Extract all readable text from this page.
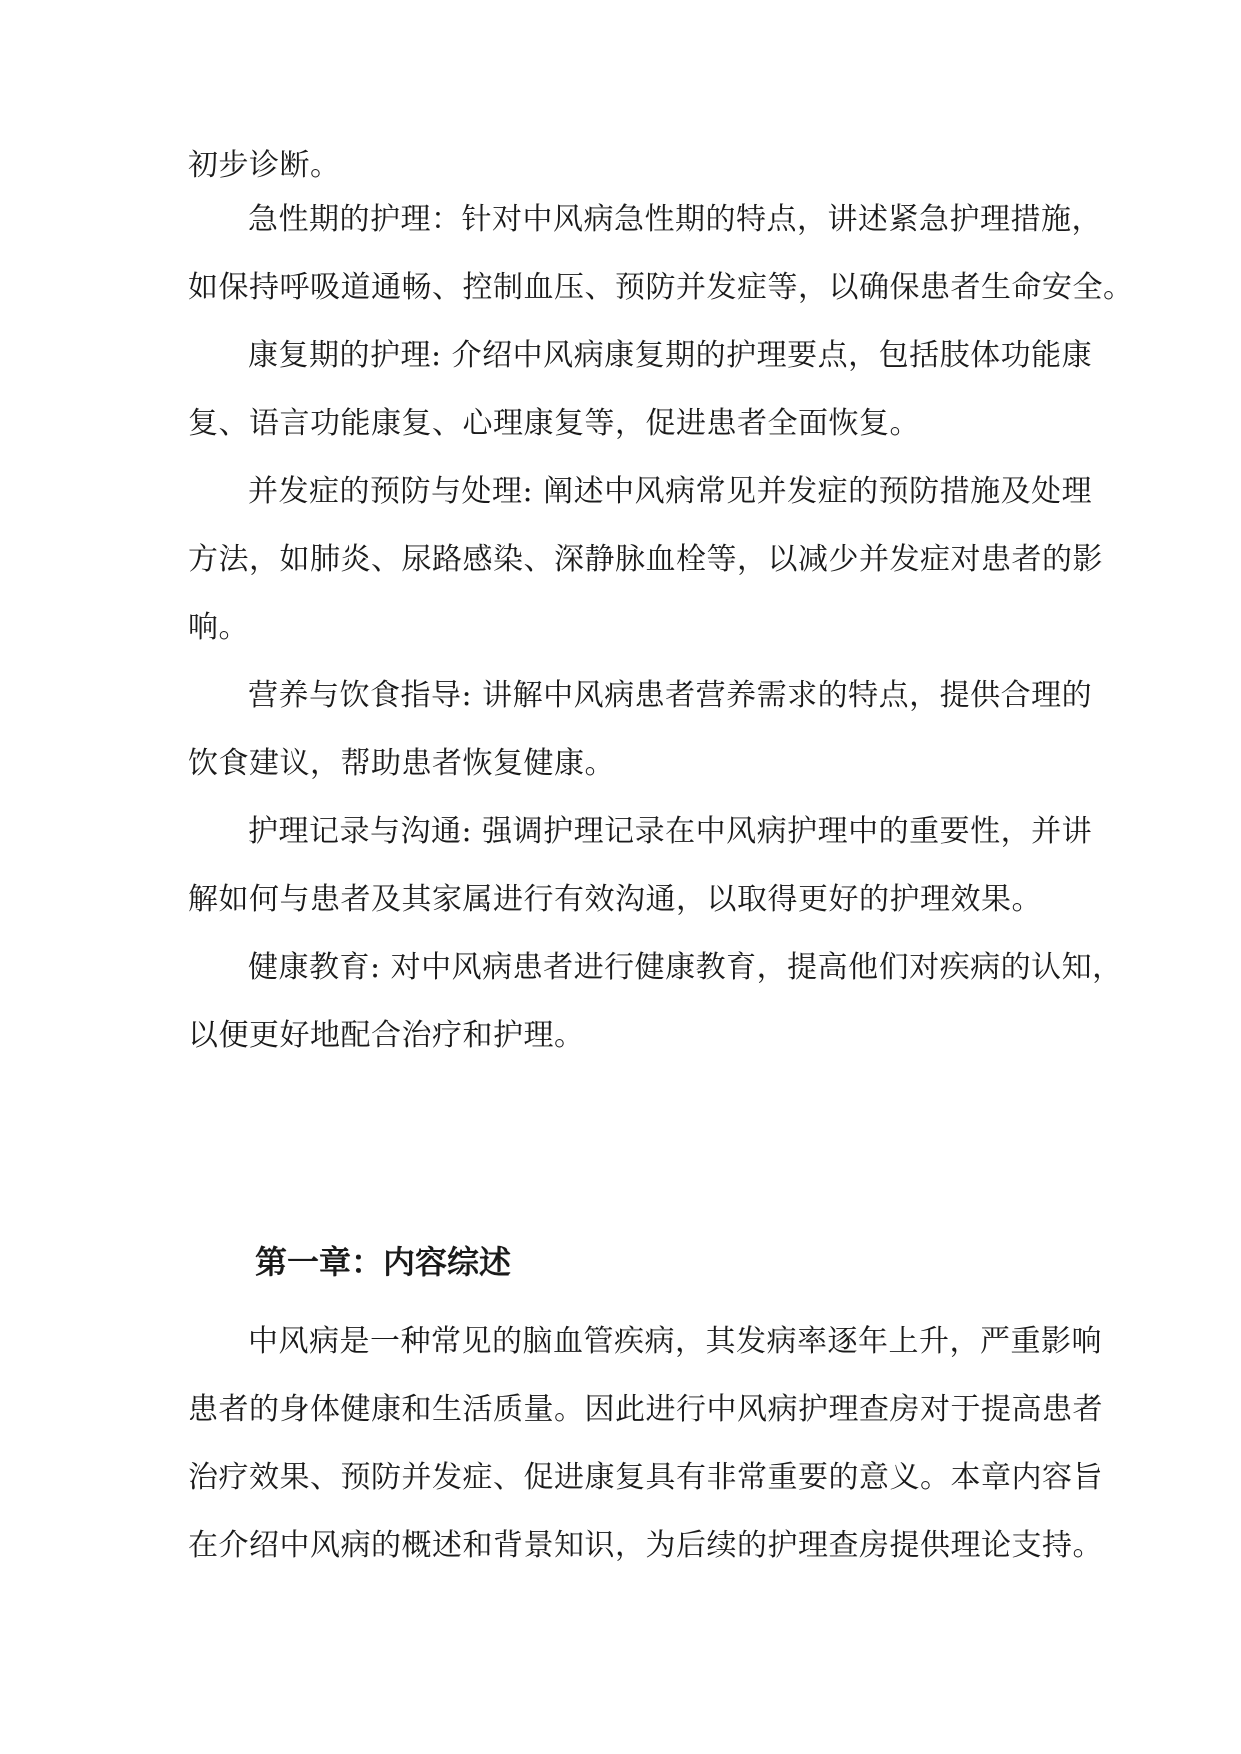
初步诊断。
急性期的护理：针对中风病急性期的特点，讲述紧急护理措施，
如保持呼吸道通畅、控制血压、预防并发症等，以确保患者生命安全。
康复期的护理: 介绍中风病康复期的护理要点，包括肢体功能康
复、语言功能康复、心理康复等，促进患者全面恢复。
并发症的预防与处理: 阐述中风病常见并发症的预防措施及处理
方法，如肺炎、尿路感染、深静脉血栓等，以减少并发症对患者的影
响。
营养与饮食指导: 讲解中风病患者营养需求的特点，提供合理的
饮食建议，帮助患者恢复健康。
护理记录与沟通: 强调护理记录在中风病护理中的重要性，并讲
解如何与患者及其家属进行有效沟通，以取得更好的护理效果。
健康教育: 对中风病患者进行健康教育，提高他们对疾病的认知，
以便更好地配合治疗和护理。
第一章：内容综述
中风病是一种常见的脑血管疾病，其发病率逐年上升，严重影响
患者的身体健康和生活质量。因此进行中风病护理查房对于提高患者
治疗效果、预防并发症、促进康复具有非常重要的意义。本章内容旨
在介绍中风病的概述和背景知识，为后续的护理查房提供理论支持。
